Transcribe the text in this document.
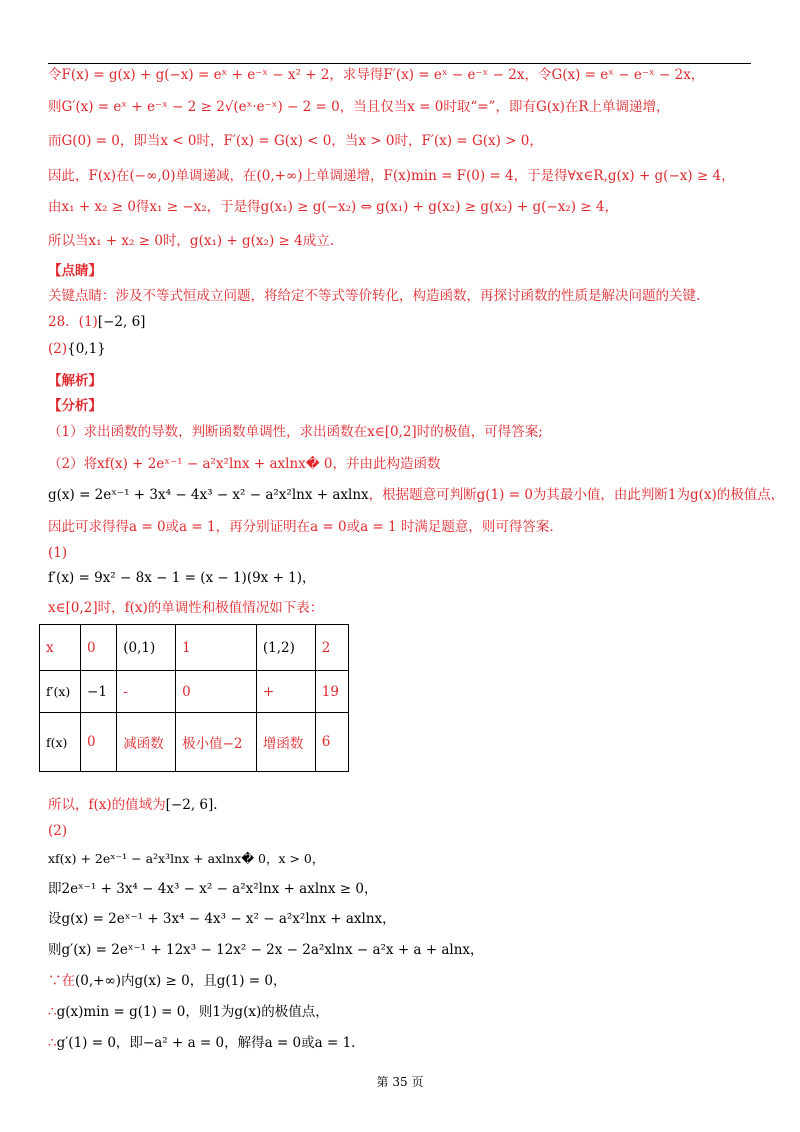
令F(x) = g(x) + g(−x) = eˣ + e⁻ˣ − x² + 2，求导得F′(x) = eˣ − e⁻ˣ − 2x，令G(x) = eˣ − e⁻ˣ − 2x，
则G′(x) = eˣ + e⁻ˣ − 2 ≥ 2√(eˣ·e⁻ˣ) − 2 = 0，当且仅当x = 0时取“=”，即有G(x)在R上单调递增，
而G(0) = 0，即当x < 0时，F′(x) = G(x) < 0，当x > 0时，F′(x) = G(x) > 0，
因此，F(x)在(−∞,0)单调递减，在(0,+∞)上单调递增，F(x)min = F(0) = 4，于是得∀x∈R,g(x) + g(−x) ≥ 4，
由x₁ + x₂ ≥ 0得x₁ ≥ −x₂，于是得g(x₁) ≥ g(−x₂) ⇔ g(x₁) + g(x₂) ≥ g(x₂) + g(−x₂) ≥ 4，
所以当x₁ + x₂ ≥ 0时，g(x₁) + g(x₂) ≥ 4成立.
【点睛】
关键点睛：涉及不等式恒成立问题，将给定不等式等价转化，构造函数，再探讨函数的性质是解决问题的关键.
28．(1)[−2, 6]
(2){0,1}
【解析】
【分析】
（1）求出函数的导数，判断函数单调性，求出函数在x∈[0,2]时的极值，可得答案;
（2）将xf(x) + 2eˣ⁻¹ − a²x²lnx + axlnx� 0，并由此构造函数
g(x) = 2eˣ⁻¹ + 3x⁴ − 4x³ − x² − a²x²lnx + axlnx，根据题意可判断g(1) = 0为其最小值，由此判断1为g(x)的极值点，
因此可求得得a = 0或a = 1，再分别证明在a = 0或a = 1 时满足题意，则可得答案.
(1)
f′(x) = 9x² − 8x − 1 = (x − 1)(9x + 1)，
x∈[0,2]时，f(x)的单调性和极值情况如下表：
x	0	(0,1)	1	(1,2)	2
f′(x)	−1	-	0	+	19
f(x)	0	减函数	极小值−2	增函数	6
所以，f(x)的值域为[−2, 6].
(2)
xf(x) + 2eˣ⁻¹ − a²x³lnx + axlnx� 0，x > 0，
即2eˣ⁻¹ + 3x⁴ − 4x³ − x² − a²x²lnx + axlnx ≥ 0，
设g(x) = 2eˣ⁻¹ + 3x⁴ − 4x³ − x² − a²x²lnx + axlnx，
则g′(x) = 2eˣ⁻¹ + 12x³ − 12x² − 2x − 2a²xlnx − a²x + a + alnx，
∵在(0,+∞)内g(x) ≥ 0，且g(1) = 0，
∴g(x)min = g(1) = 0，则1为g(x)的极值点，
∴g′(1) = 0，即−a² + a = 0，解得a = 0或a = 1.
第 35 页
